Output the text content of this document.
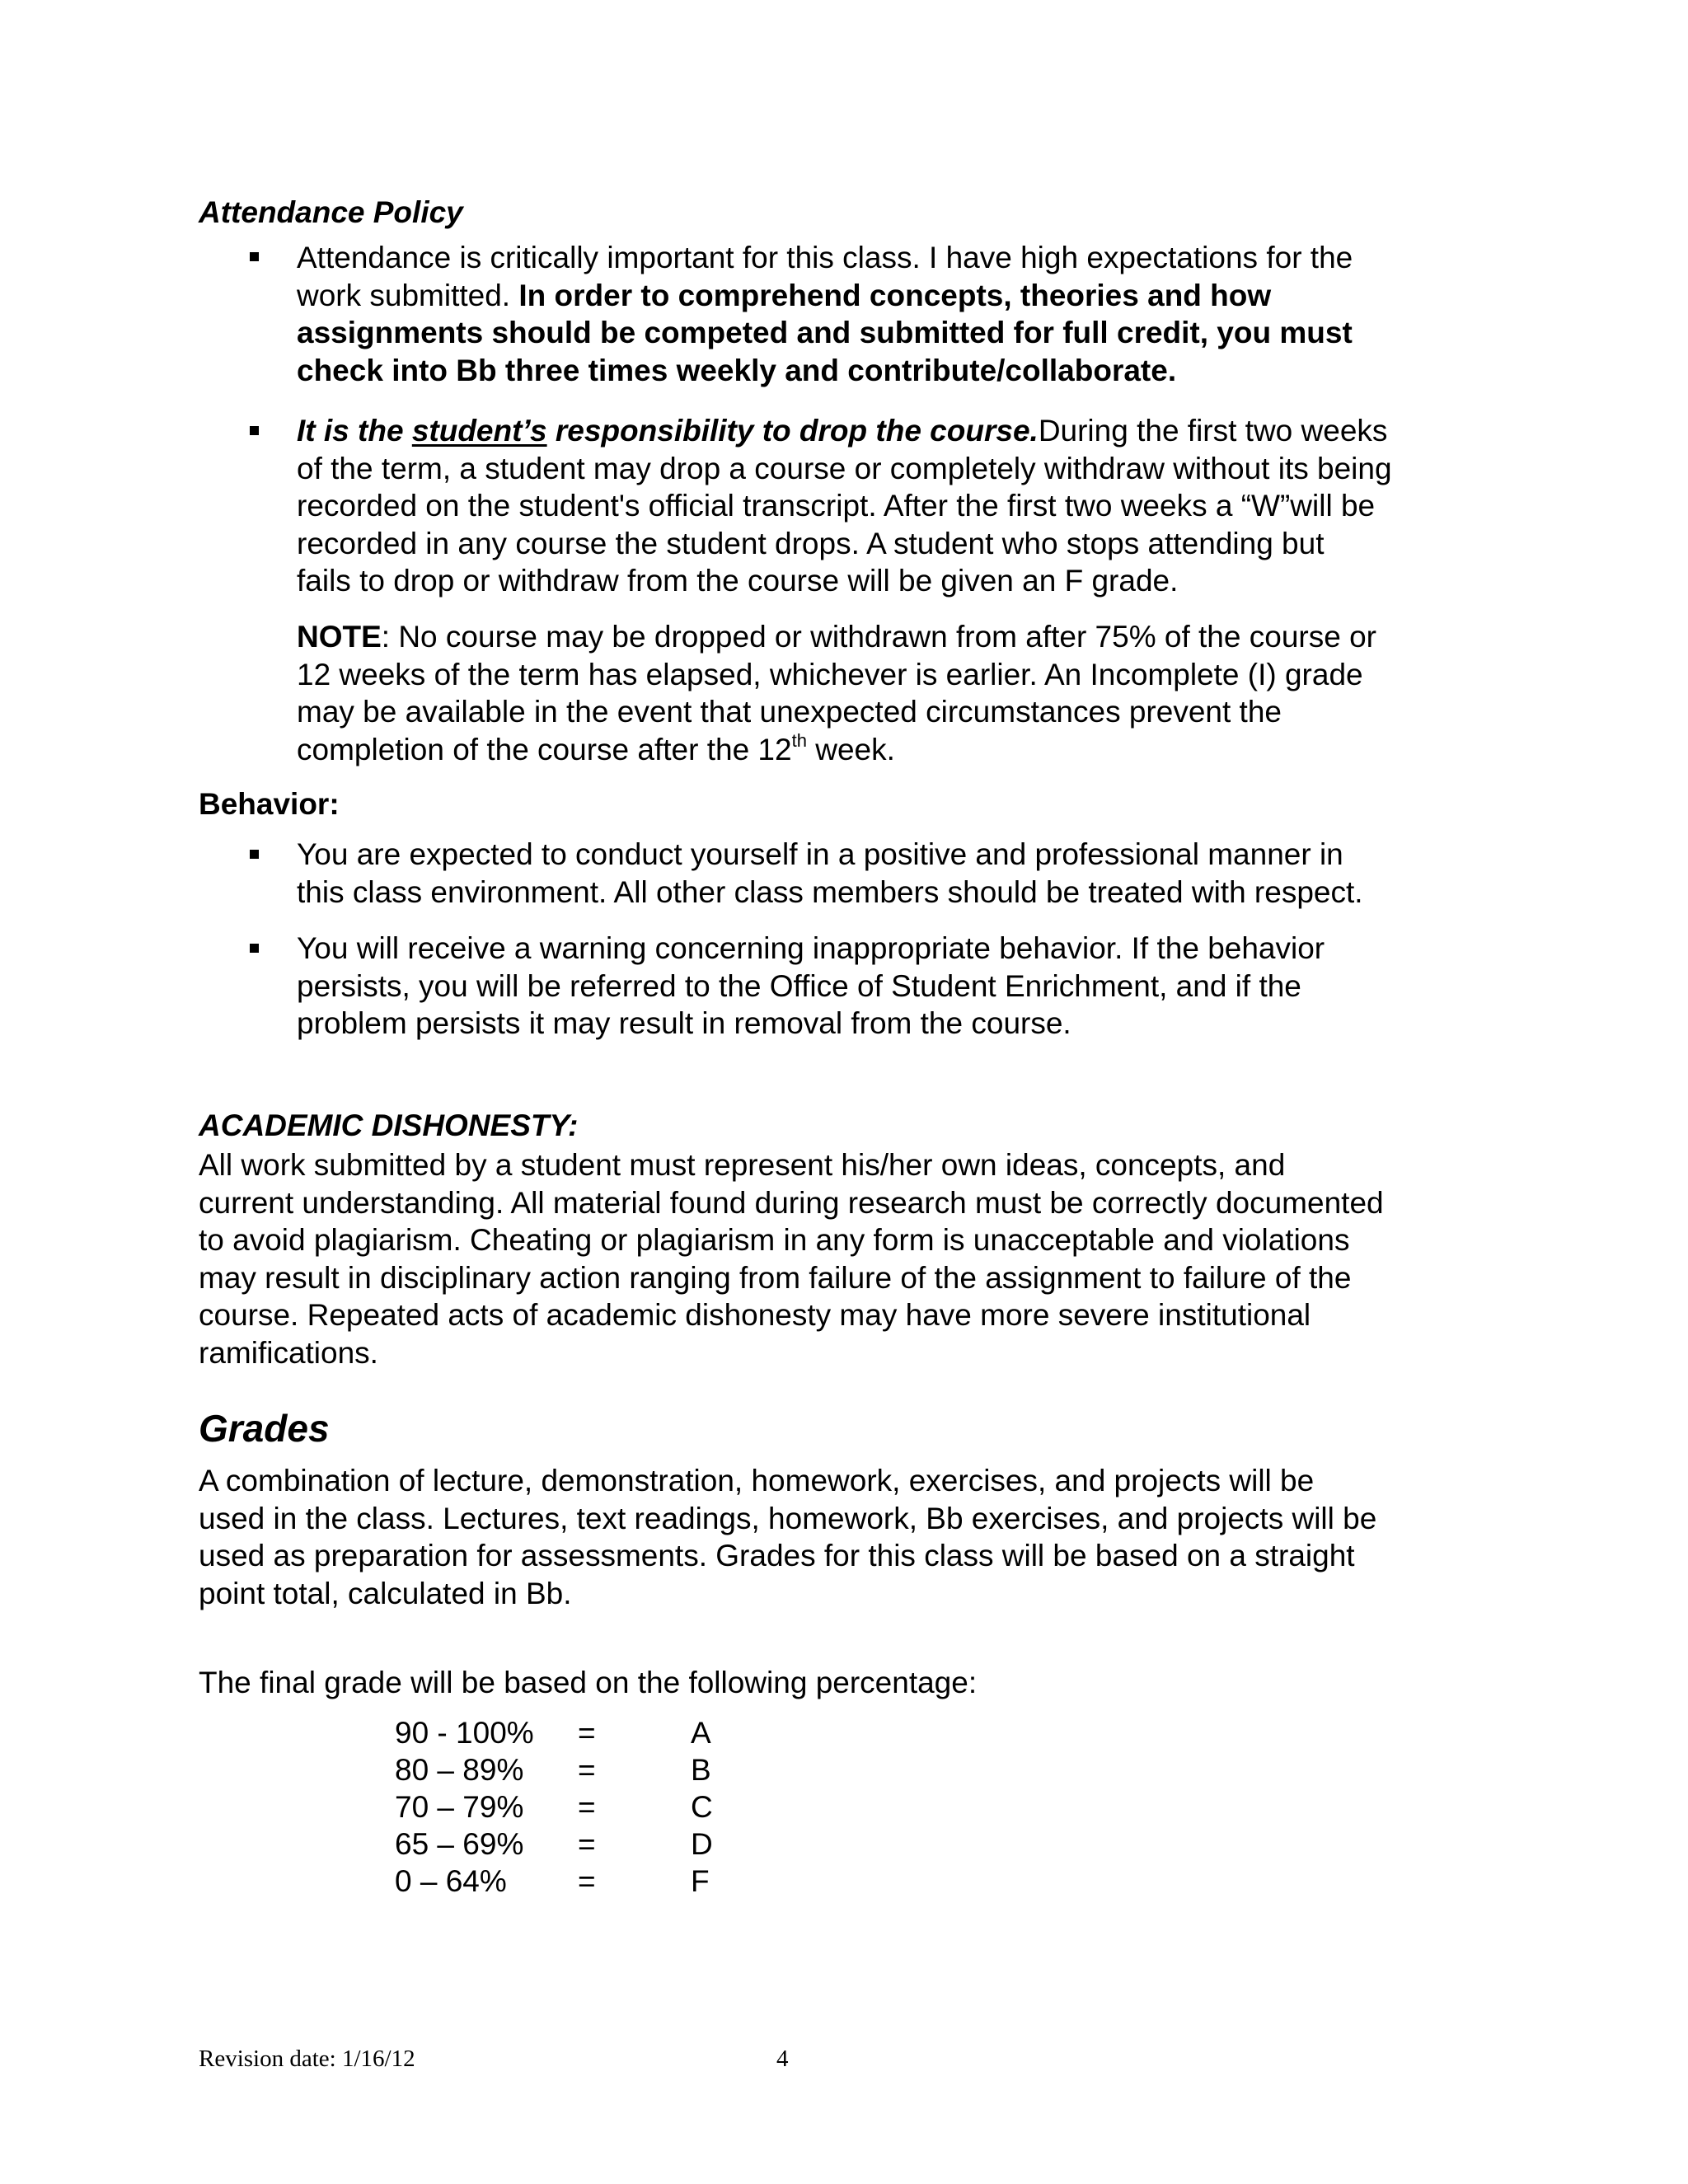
Attendance Policy
Attendance is critically important for this class. I have high expectations for the
work submitted. In order to comprehend concepts, theories and how
assignments should be competed and submitted for full credit, you must
check into Bb three times weekly and contribute/collaborate.
It is the student’s responsibility to drop the course.During the first two weeks
of the term, a student may drop a course or completely withdraw without its being
recorded on the student's official transcript. After the first two weeks a “W”will be
recorded in any course the student drops. A student who stops attending but
fails to drop or withdraw from the course will be given an F grade.
NOTE: No course may be dropped or withdrawn from after 75% of the course or
12 weeks of the term has elapsed, whichever is earlier. An Incomplete (I) grade
may be available in the event that unexpected circumstances prevent the
completion of the course after the 12th week.
Behavior:
You are expected to conduct yourself in a positive and professional manner in
this class environment. All other class members should be treated with respect.
You will receive a warning concerning inappropriate behavior. If the behavior
persists, you will be referred to the Office of Student Enrichment, and if the
problem persists it may result in removal from the course.
ACADEMIC DISHONESTY:
All work submitted by a student must represent his/her own ideas, concepts, and
current understanding. All material found during research must be correctly documented
to avoid plagiarism. Cheating or plagiarism in any form is unacceptable and violations
may result in disciplinary action ranging from failure of the assignment to failure of the
course. Repeated acts of academic dishonesty may have more severe institutional
ramifications.
Grades
A combination of lecture, demonstration, homework, exercises, and projects will be
used in the class. Lectures, text readings, homework, Bb exercises, and projects will be
used as preparation for assessments. Grades for this class will be based on a straight
point total, calculated in Bb.
The final grade will be based on the following percentage:
90 - 100% =	A
80 – 89% =	B
70 – 79% =	C
65 – 69% =	D
0 – 64% =	F
Revision date: 1/16/12	4
